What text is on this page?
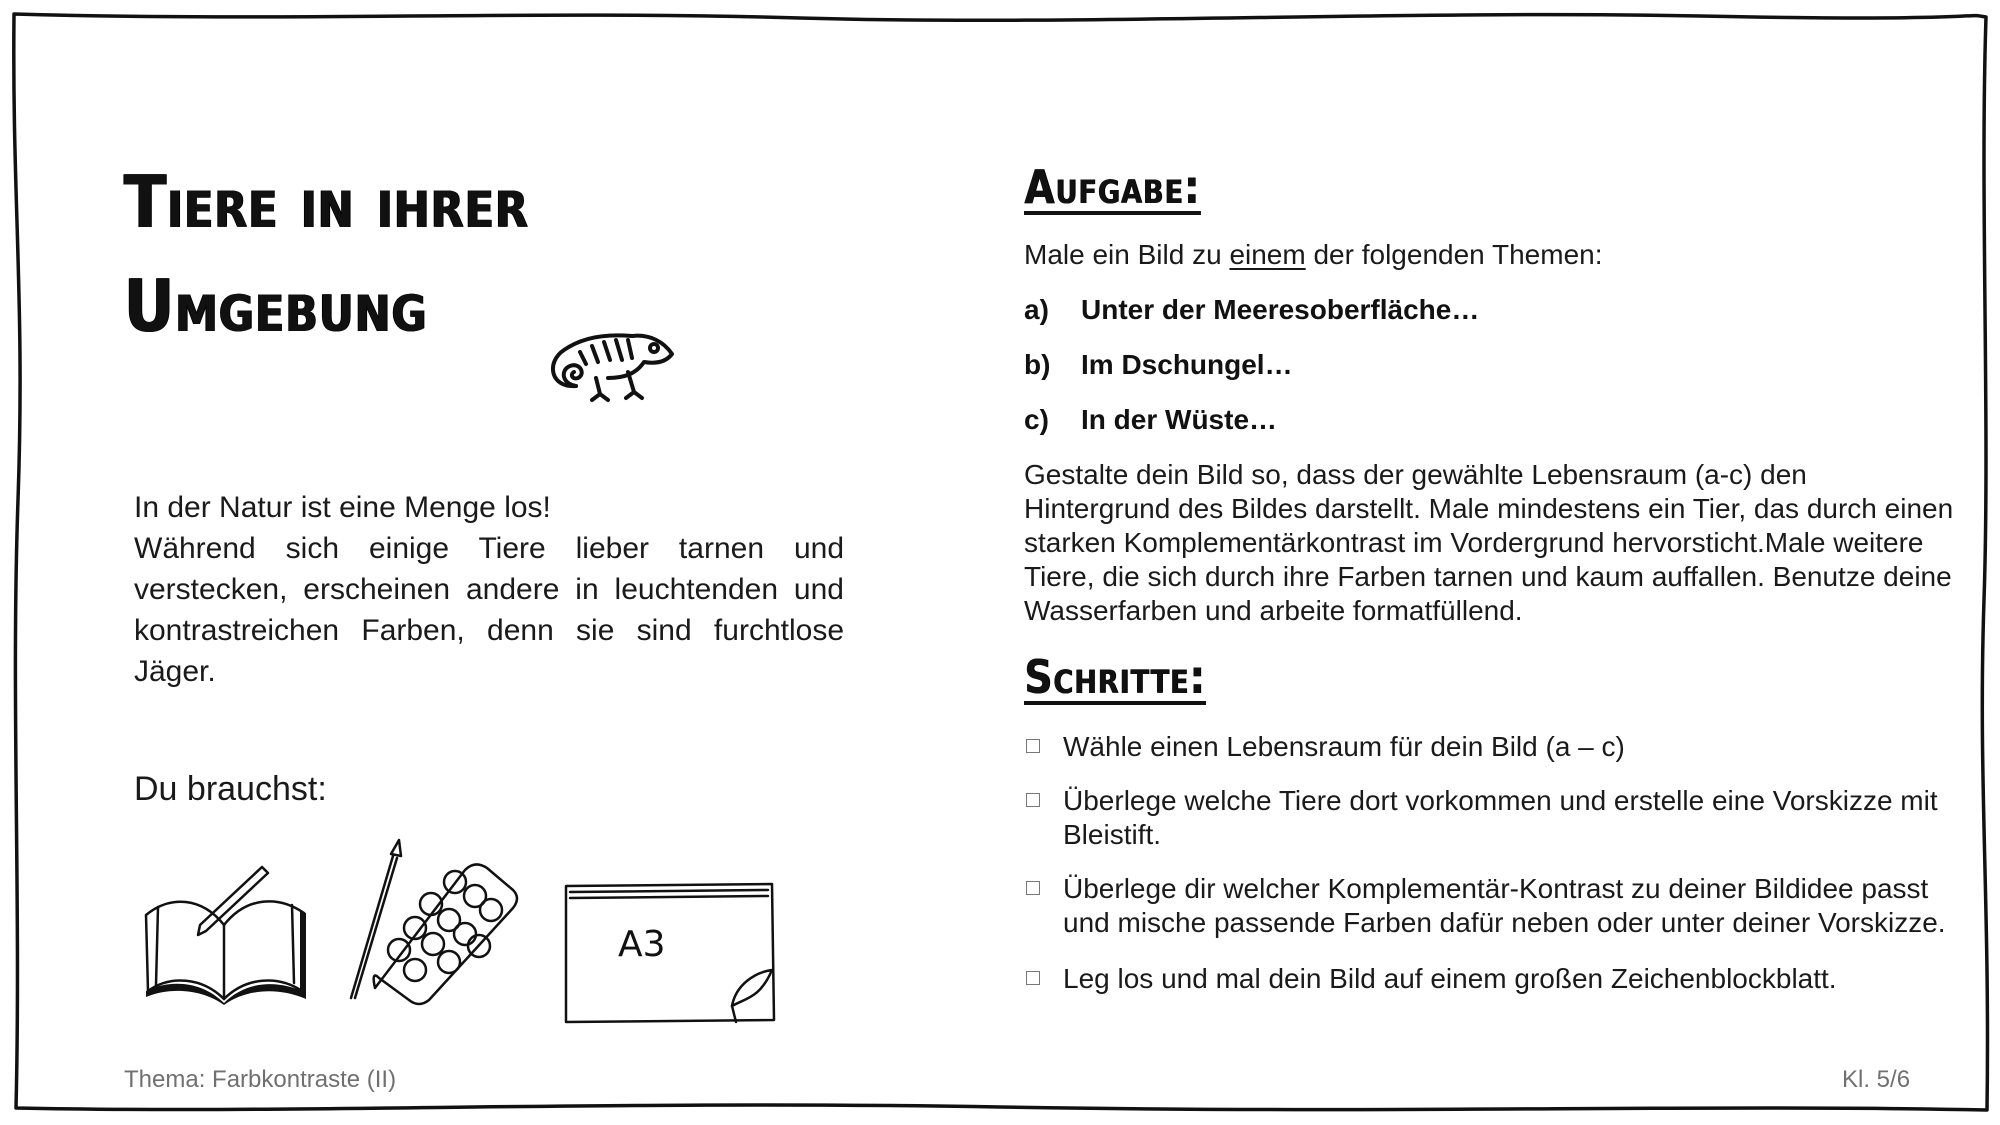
Tiere in ihrer
Umgebung
In der Natur ist eine Menge los!
Während sich einige Tiere lieber tarnen und verstecken, erscheinen andere in leuchtenden und kontrastreichen Farben, denn sie sind furchtlose Jäger.
Du brauchst:
A3
Aufgabe:
Male ein Bild zu einem der folgenden Themen:
a) Unter der Meeresoberfläche…
b) Im Dschungel…
c) In der Wüste…
Gestalte dein Bild so, dass der gewählte Lebensraum (a-c) den Hintergrund des Bildes darstellt. Male mindestens ein Tier, das durch einen starken Komplementärkontrast im Vordergrund hervorsticht.Male weitere Tiere, die sich durch ihre Farben tarnen und kaum auffallen. Benutze deine Wasserfarben und arbeite formatfüllend.
Schritte:
Wähle einen Lebensraum für dein Bild (a – c)
Überlege welche Tiere dort vorkommen und erstelle eine Vorskizze mit Bleistift.
Überlege dir welcher Komplementär-Kontrast zu deiner Bildidee passt und mische passende Farben dafür neben oder unter deiner Vorskizze.
Leg los und mal dein Bild auf einem großen Zeichenblockblatt.
Thema: Farbkontraste (II)	Kl. 5/6
